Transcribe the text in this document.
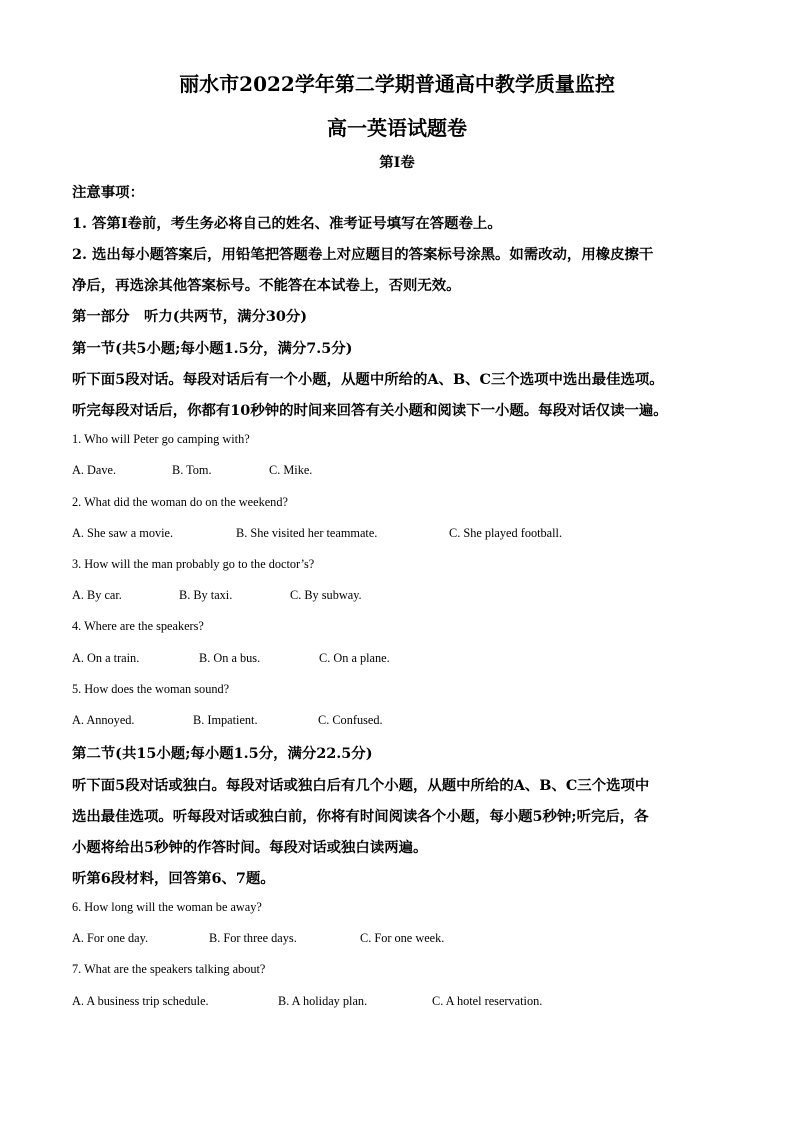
丽水市2022学年第二学期普通高中教学质量监控
高一英语试题卷
第I卷
注意事项：
1. 答第I卷前，考生务必将自己的姓名、准考证号填写在答题卷上。
2. 选出每小题答案后，用铅笔把答题卷上对应题目的答案标号涂黑。如需改动，用橡皮擦干
净后，再选涂其他答案标号。不能答在本试卷上，否则无效。
第一部分　听力(共两节，满分30分)
第一节(共5小题;每小题1.5分，满分7.5分)
听下面5段对话。每段对话后有一个小题，从题中所给的A、B、C三个选项中选出最佳选项。
听完每段对话后，你都有10秒钟的时间来回答有关小题和阅读下一小题。每段对话仅读一遍。
1. Who will Peter go camping with?
A. Dave.	B. Tom.	C. Mike.
2. What did the woman do on the weekend?
A. She saw a movie.	B. She visited her teammate.	C. She played football.
3. How will the man probably go to the doctor’s?
A. By car.	B. By taxi.	C. By subway.
4. Where are the speakers?
A. On a train.	B. On a bus.	C. On a plane.
5. How does the woman sound?
A. Annoyed.	B. Impatient.	C. Confused.
第二节(共15小题;每小题1.5分，满分22.5分)
听下面5段对话或独白。每段对话或独白后有几个小题，从题中所给的A、B、C三个选项中
选出最佳选项。听每段对话或独白前，你将有时间阅读各个小题，每小题5秒钟;听完后，各
小题将给出5秒钟的作答时间。每段对话或独白读两遍。
听第6段材料，回答第6、7题。
6. How long will the woman be away?
A. For one day.	B. For three days.	C. For one week.
7. What are the speakers talking about?
A. A business trip schedule.	B. A holiday plan.	C. A hotel reservation.
